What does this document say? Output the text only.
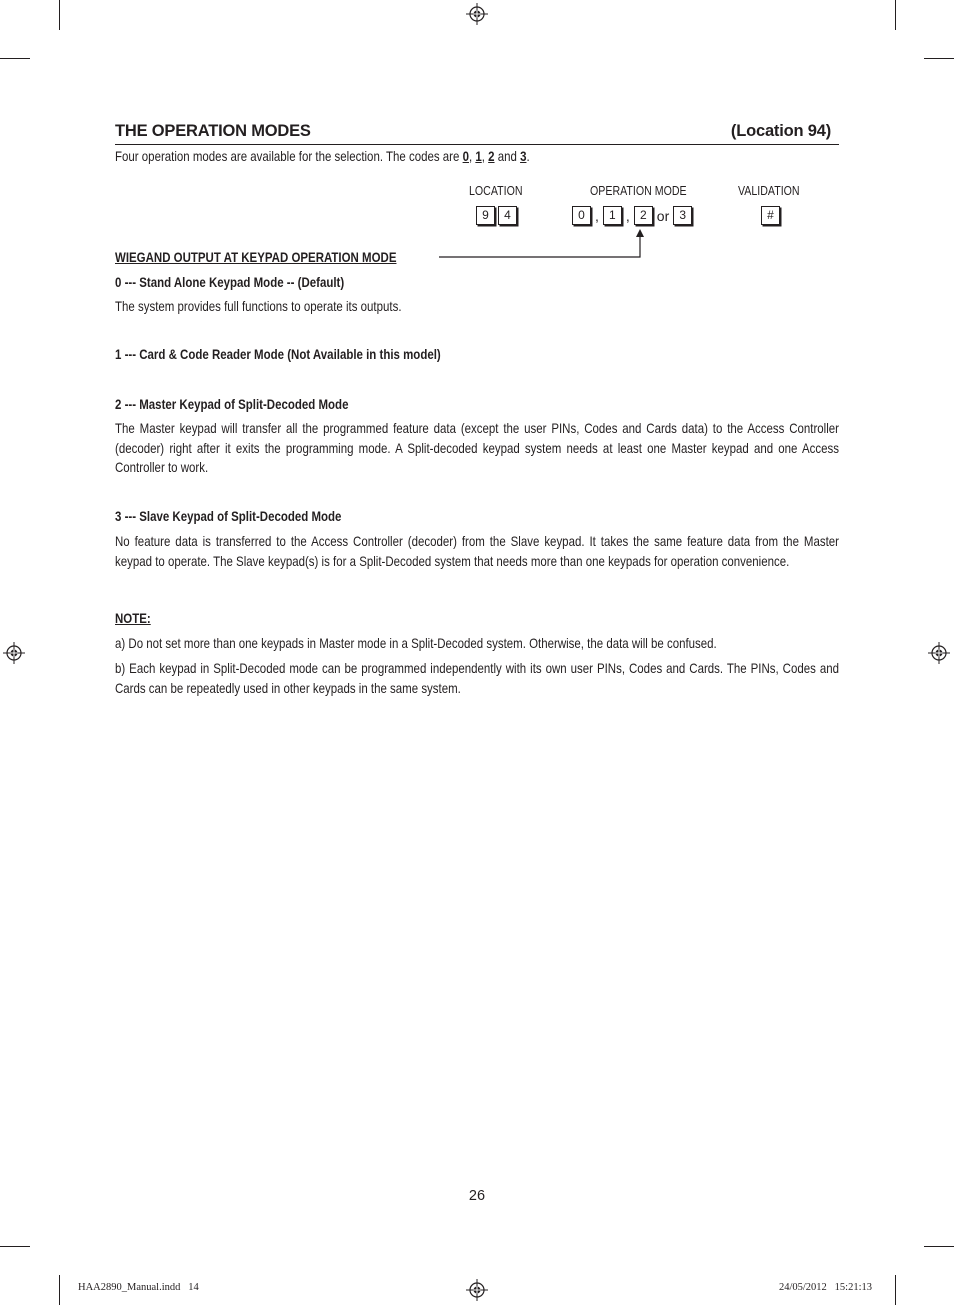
THE OPERATION MODES	(Location 94)
Four operation modes are available for the selection. The codes are 0, 1, 2 and 3.
LOCATION	OPERATION MODE	VALIDATION
9 4	0 , 1 , 2 or 3	#
WIEGAND OUTPUT AT KEYPAD OPERATION MODE
0 --- Stand Alone Keypad Mode -- (Default)
The system provides full functions to operate its outputs.
1 --- Card & Code Reader Mode (Not Available in this model)
2 --- Master Keypad of Split-Decoded Mode
The Master keypad will transfer all the programmed feature data (except the user PINs, Codes and Cards data) to the Access Controller (decoder) right after it exits the programming mode. A Split-decoded keypad system needs at least one Master keypad and one Access Controller to work.
3 --- Slave Keypad of Split-Decoded Mode
No feature data is transferred to the Access Controller (decoder) from the Slave keypad. It takes the same feature data from the Master keypad to operate. The Slave keypad(s) is for a Split-Decoded system that needs more than one keypads for operation convenience.
NOTE:
a) Do not set more than one keypads in Master mode in a Split-Decoded system. Otherwise, the data will be confused.
b) Each keypad in Split-Decoded mode can be programmed independently with its own user PINs, Codes and Cards. The PINs, Codes and Cards can be repeatedly used in other keypads in the same system.
26
HAA2890_Manual.indd   14	24/05/2012   15:21:13
